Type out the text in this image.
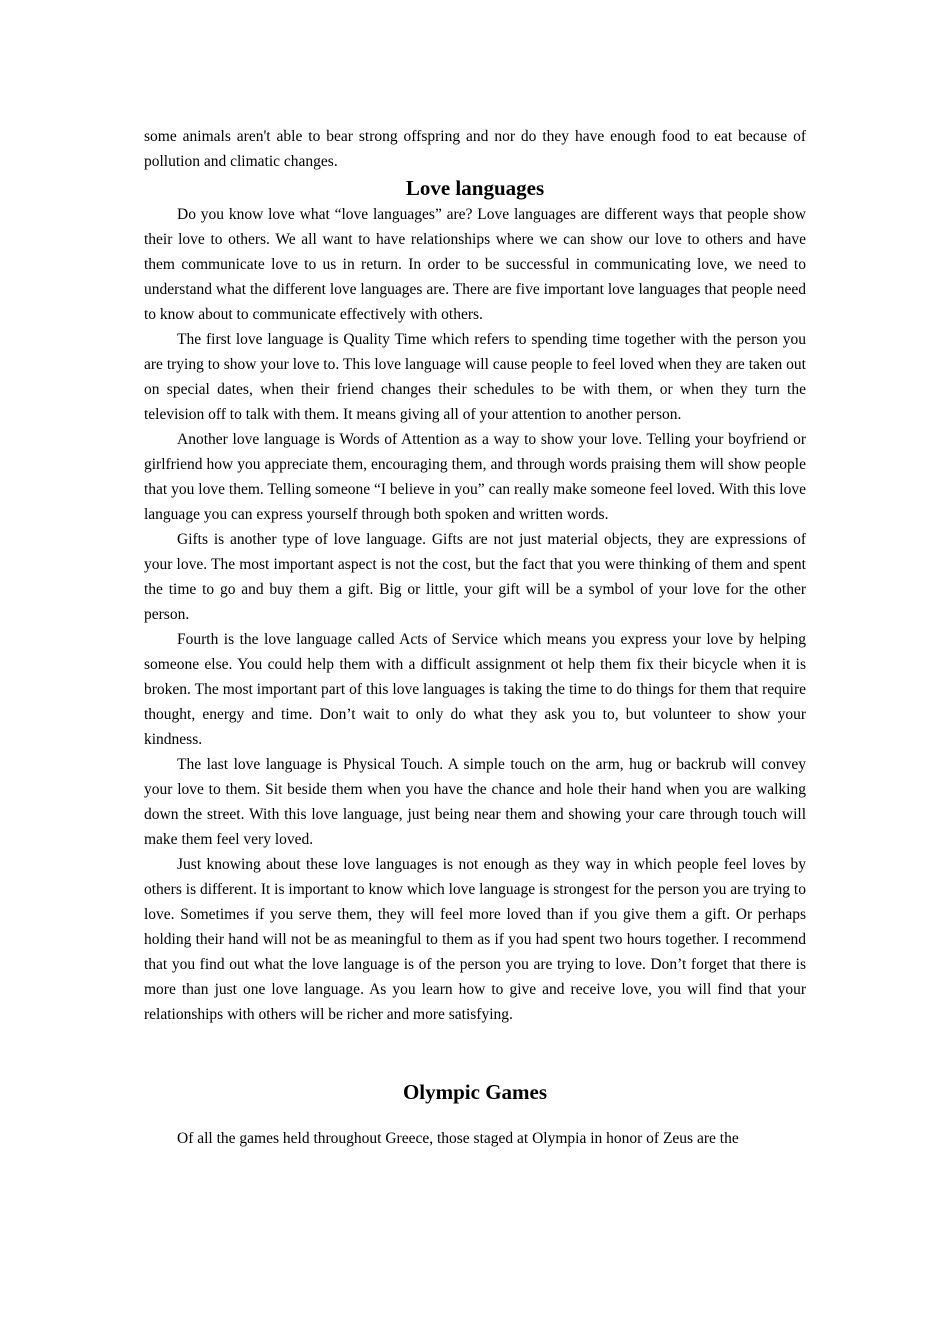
some animals aren't able to bear strong offspring and nor do they have enough food to eat because of pollution and climatic changes.

Love languages

Do you know love what “love languages” are? Love languages are different ways that people show their love to others. We all want to have relationships where we can show our love to others and have them communicate love to us in return. In order to be successful in communicating love, we need to understand what the different love languages are. There are five important love languages that people need to know about to communicate effectively with others.

The first love language is Quality Time which refers to spending time together with the person you are trying to show your love to. This love language will cause people to feel loved when they are taken out on special dates, when their friend changes their schedules to be with them, or when they turn the television off to talk with them. It means giving all of your attention to another person.

Another love language is Words of Attention as a way to show your love. Telling your boyfriend or girlfriend how you appreciate them, encouraging them, and through words praising them will show people that you love them. Telling someone “I believe in you” can really make someone feel loved. With this love language you can express yourself through both spoken and written words.

Gifts is another type of love language. Gifts are not just material objects, they are expressions of your love. The most important aspect is not the cost, but the fact that you were thinking of them and spent the time to go and buy them a gift. Big or little, your gift will be a symbol of your love for the other person.

Fourth is the love language called Acts of Service which means you express your love by helping someone else. You could help them with a difficult assignment ot help them fix their bicycle when it is broken. The most important part of this love languages is taking the time to do things for them that require thought, energy and time. Don’t wait to only do what they ask you to, but volunteer to show your kindness.

The last love language is Physical Touch. A simple touch on the arm, hug or backrub will convey your love to them. Sit beside them when you have the chance and hole their hand when you are walking down the street. With this love language, just being near them and showing your care through touch will make them feel very loved.

Just knowing about these love languages is not enough as they way in which people feel loves by others is different. It is important to know which love language is strongest for the person you are trying to love. Sometimes if you serve them, they will feel more loved than if you give them a gift. Or perhaps holding their hand will not be as meaningful to them as if you had spent two hours together. I recommend that you find out what the love language is of the person you are trying to love. Don’t forget that there is more than just one love language. As you learn how to give and receive love, you will find that your relationships with others will be richer and more satisfying.

Olympic Games

Of all the games held throughout Greece, those staged at Olympia in honor of Zeus are the
